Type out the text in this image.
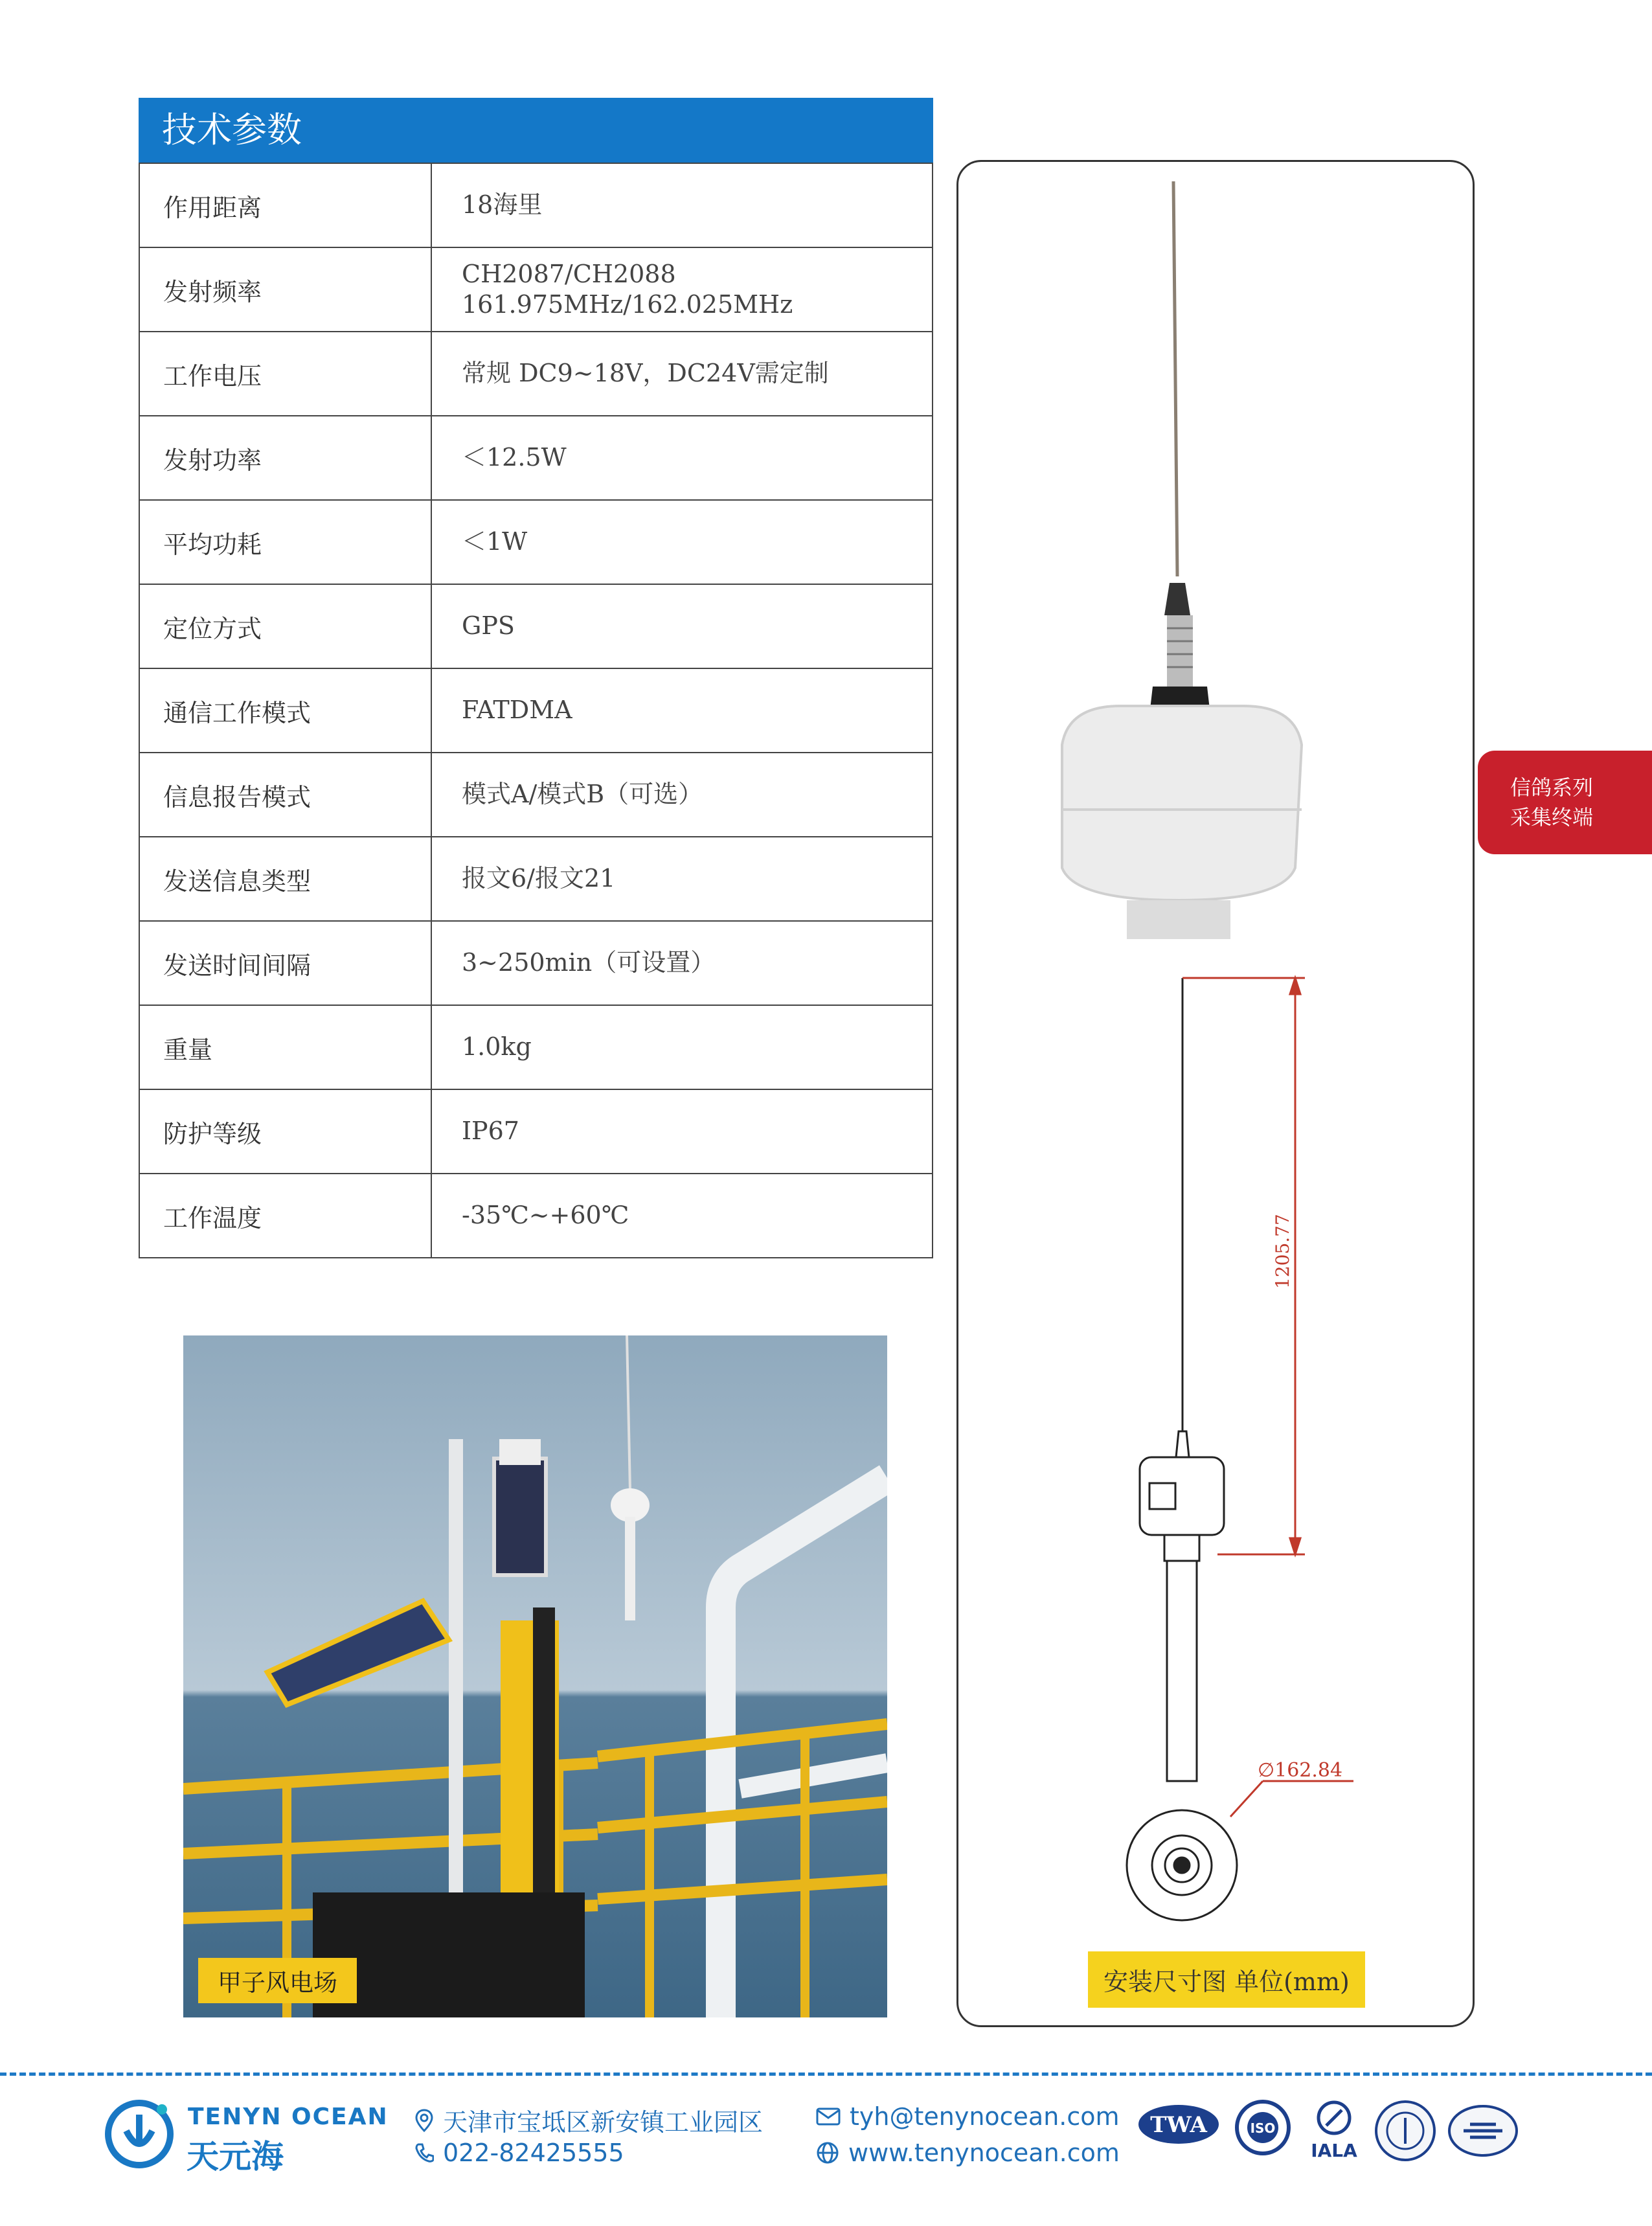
技术参数
作用距离	18海里
发射频率	CH2087/CH2088
161.975MHz/162.025MHz
工作电压	常规 DC9~18V，DC24V需定制
发射功率	＜12.5W
平均功耗	＜1W
定位方式	GPS
通信工作模式	FATDMA
信息报告模式	模式A/模式B（可选）
发送信息类型	报文6/报文21
发送时间间隔	3~250min（可设置）
重量	1.0kg
防护等级	IP67
工作温度	-35℃~+60℃
甲子风电场
1205.77
∅162.84
安装尺寸图 单位(mm)
信鸽系列
采集终端
TENYN OCEAN
天元海
天津市宝坻区新安镇工业园区
022-82425555
tyh@tenynocean.com
www.tenynocean.com
TWA	ISO
IALA
